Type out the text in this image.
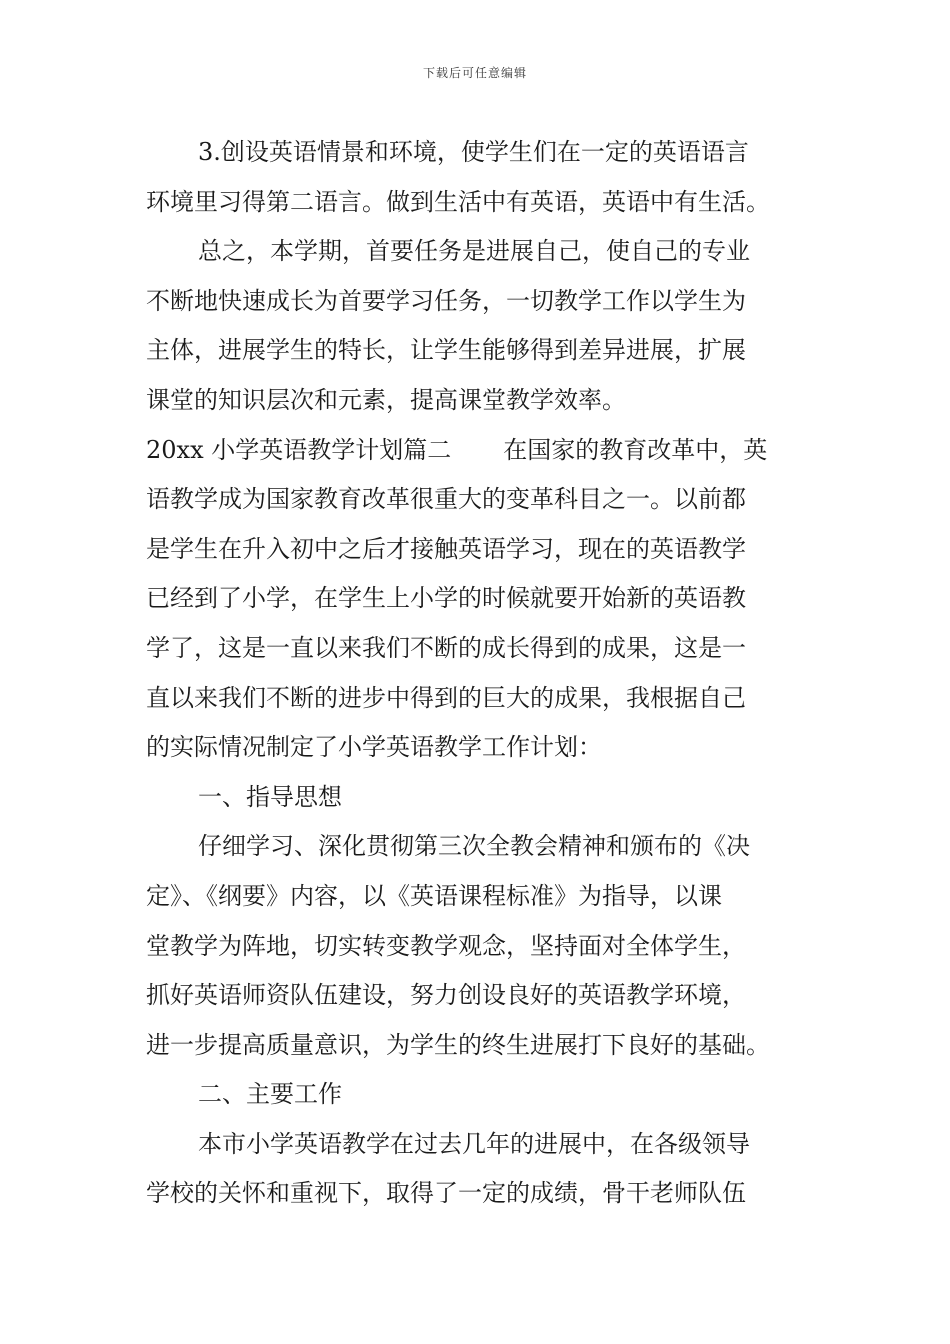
下载后可任意编辑
3.创设英语情景和环境，使学生们在一定的英语语言
环境里习得第二语言。做到生活中有英语，英语中有生活。
总之，本学期，首要任务是进展自己，使自己的专业
不断地快速成长为首要学习任务，一切教学工作以学生为
主体，进展学生的特长，让学生能够得到差异进展，扩展
课堂的知识层次和元素，提高课堂教学效率。
20xx 小学英语教学计划篇二 在国家的教育改革中，英
语教学成为国家教育改革很重大的变革科目之一。以前都
是学生在升入初中之后才接触英语学习，现在的英语教学
已经到了小学，在学生上小学的时候就要开始新的英语教
学了，这是一直以来我们不断的成长得到的成果，这是一
直以来我们不断的进步中得到的巨大的成果，我根据自己
的实际情况制定了小学英语教学工作计划：
一、指导思想
仔细学习、深化贯彻第三次全教会精神和颁布的《决
定》、《纲要》内容，以《英语课程标准》为指导，以课
堂教学为阵地，切实转变教学观念，坚持面对全体学生，
抓好英语师资队伍建设，努力创设良好的英语教学环境，
进一步提高质量意识，为学生的终生进展打下良好的基础。
二、主要工作
本市小学英语教学在过去几年的进展中，在各级领导
学校的关怀和重视下，取得了一定的成绩，骨干老师队伍
